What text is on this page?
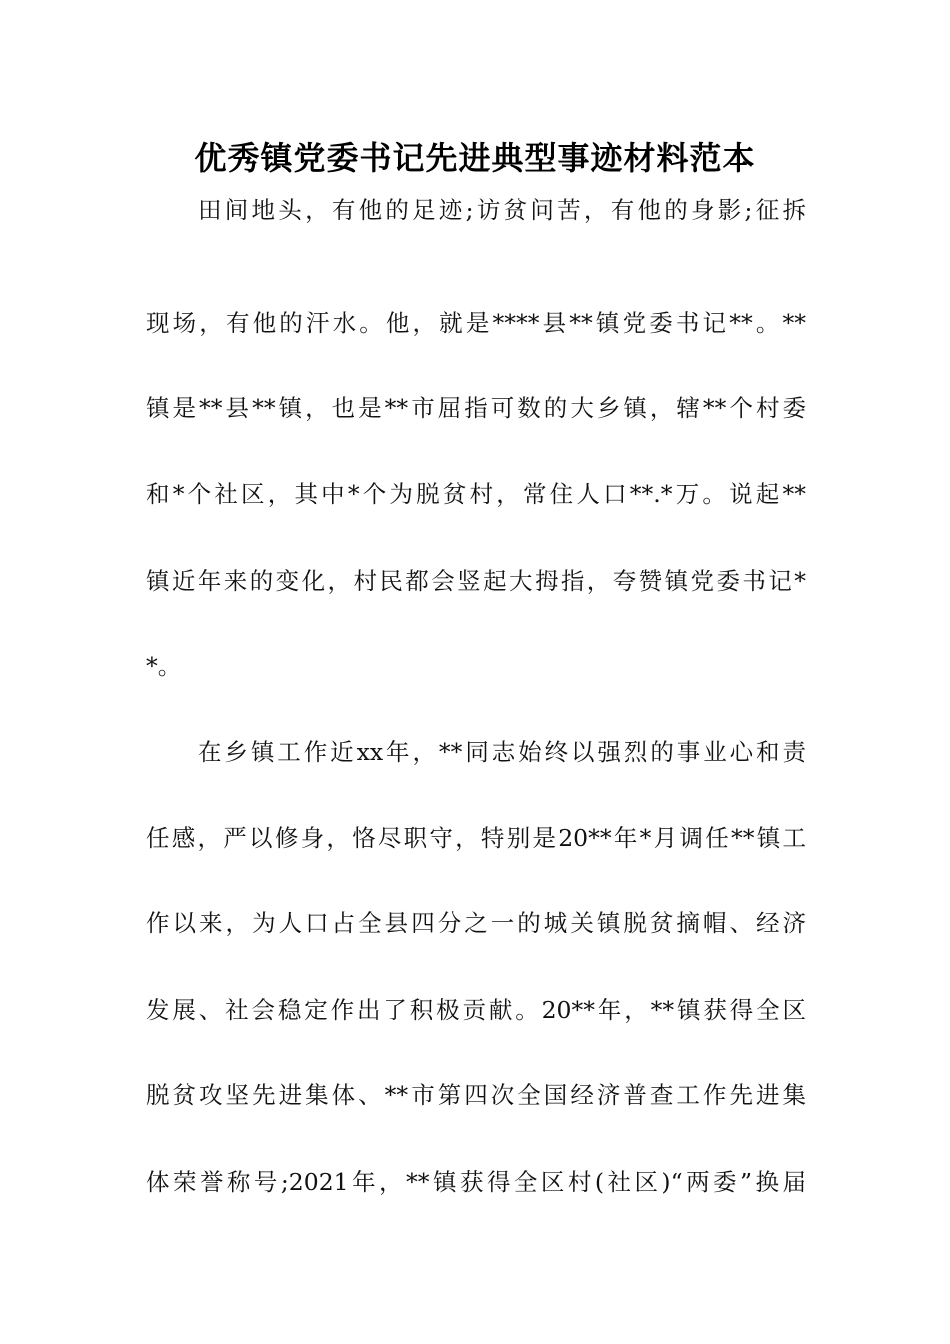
优秀镇党委书记先进典型事迹材料范本
田间地头，有他的足迹;访贫问苦，有他的身影;征拆
现场，有他的汗水。他，就是****县**镇党委书记**。**
镇是**县**镇，也是**市屈指可数的大乡镇，辖**个村委
和*个社区，其中*个为脱贫村，常住人口**.*万。说起**
镇近年来的变化，村民都会竖起大拇指，夸赞镇党委书记*
*。
在乡镇工作近xx年，**同志始终以强烈的事业心和责
任感，严以修身，恪尽职守，特别是20**年*月调任**镇工
作以来，为人口占全县四分之一的城关镇脱贫摘帽、经济
发展、社会稳定作出了积极贡献。20**年，**镇获得全区
脱贫攻坚先进集体、**市第四次全国经济普查工作先进集
体荣誉称号;2021年，**镇获得全区村(社区)“两委”换届
